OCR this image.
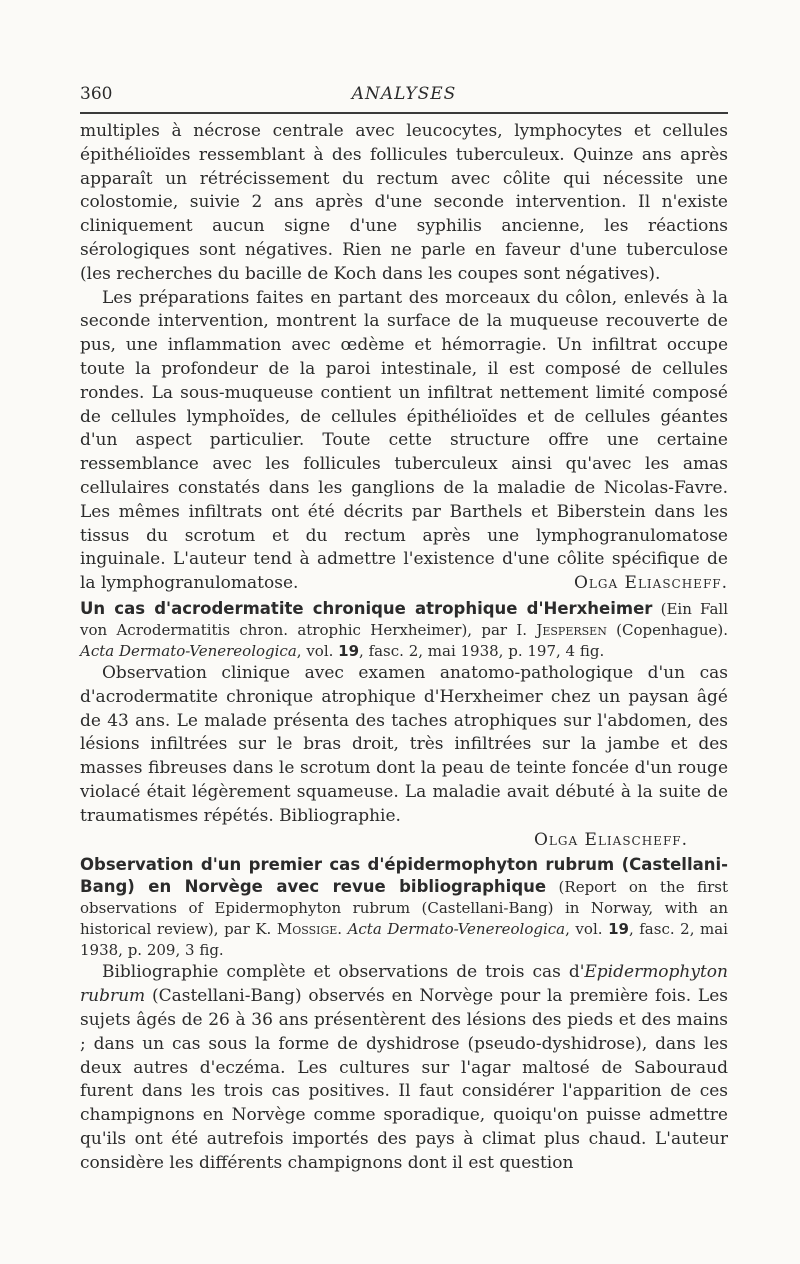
360	ANALYSES

multiples à nécrose centrale avec leucocytes, lymphocytes et cellules épithélioïdes ressemblant à des follicules tuberculeux. Quinze ans après apparaît un rétrécissement du rectum avec côlite qui nécessite une colostomie, suivie 2 ans après d'une seconde intervention. Il n'existe cliniquement aucun signe d'une syphilis ancienne, les réactions sérologiques sont négatives. Rien ne parle en faveur d'une tuberculose (les recherches du bacille de Koch dans les coupes sont négatives).

Les préparations faites en partant des morceaux du côlon, enlevés à la seconde intervention, montrent la surface de la muqueuse recouverte de pus, une inflammation avec œdème et hémorragie. Un infiltrat occupe toute la profondeur de la paroi intestinale, il est composé de cellules rondes. La sous-muqueuse contient un infiltrat nettement limité composé de cellules lymphoïdes, de cellules épithélioïdes et de cellules géantes d'un aspect particulier. Toute cette structure offre une certaine ressemblance avec les follicules tuberculeux ainsi qu'avec les amas cellulaires constatés dans les ganglions de la maladie de Nicolas-Favre. Les mêmes infiltrats ont été décrits par Barthels et Biberstein dans les tissus du scrotum et du rectum après une lymphogranulomatose inguinale. L'auteur tend à admettre l'existence d'une côlite spécifique de la lymphogranulomatose.	Olga Eliascheff.

Un cas d'acrodermatite chronique atrophique d'Herxheimer (Ein Fall von Acrodermatitis chron. atrophic Herxheimer), par I. Jespersen (Copenhague). Acta Dermato-Venereologica, vol. 19, fasc. 2, mai 1938, p. 197, 4 fig.

Observation clinique avec examen anatomo-pathologique d'un cas d'acrodermatite chronique atrophique d'Herxheimer chez un paysan âgé de 43 ans. Le malade présenta des taches atrophiques sur l'abdomen, des lésions infiltrées sur le bras droit, très infiltrées sur la jambe et des masses fibreuses dans le scrotum dont la peau de teinte foncée d'un rouge violacé était légèrement squameuse. La maladie avait débuté à la suite de traumatismes répétés. Bibliographie.

Olga Eliascheff.

Observation d'un premier cas d'épidermophyton rubrum (Castellani-Bang) en Norvège avec revue bibliographique (Report on the first observations of Epidermophyton rubrum (Castellani-Bang) in Norway, with an historical review), par K. Mossige. Acta Dermato-Venereologica, vol. 19, fasc. 2, mai 1938, p. 209, 3 fig.

Bibliographie complète et observations de trois cas d'Epidermophyton rubrum (Castellani-Bang) observés en Norvège pour la première fois. Les sujets âgés de 26 à 36 ans présentèrent des lésions des pieds et des mains ; dans un cas sous la forme de dyshidrose (pseudo-dyshidrose), dans les deux autres d'eczéma. Les cultures sur l'agar maltosé de Sabouraud furent dans les trois cas positives. Il faut considérer l'apparition de ces champignons en Norvège comme sporadique, quoiqu'on puisse admettre qu'ils ont été autrefois importés des pays à climat plus chaud. L'auteur considère les différents champignons dont il est question
